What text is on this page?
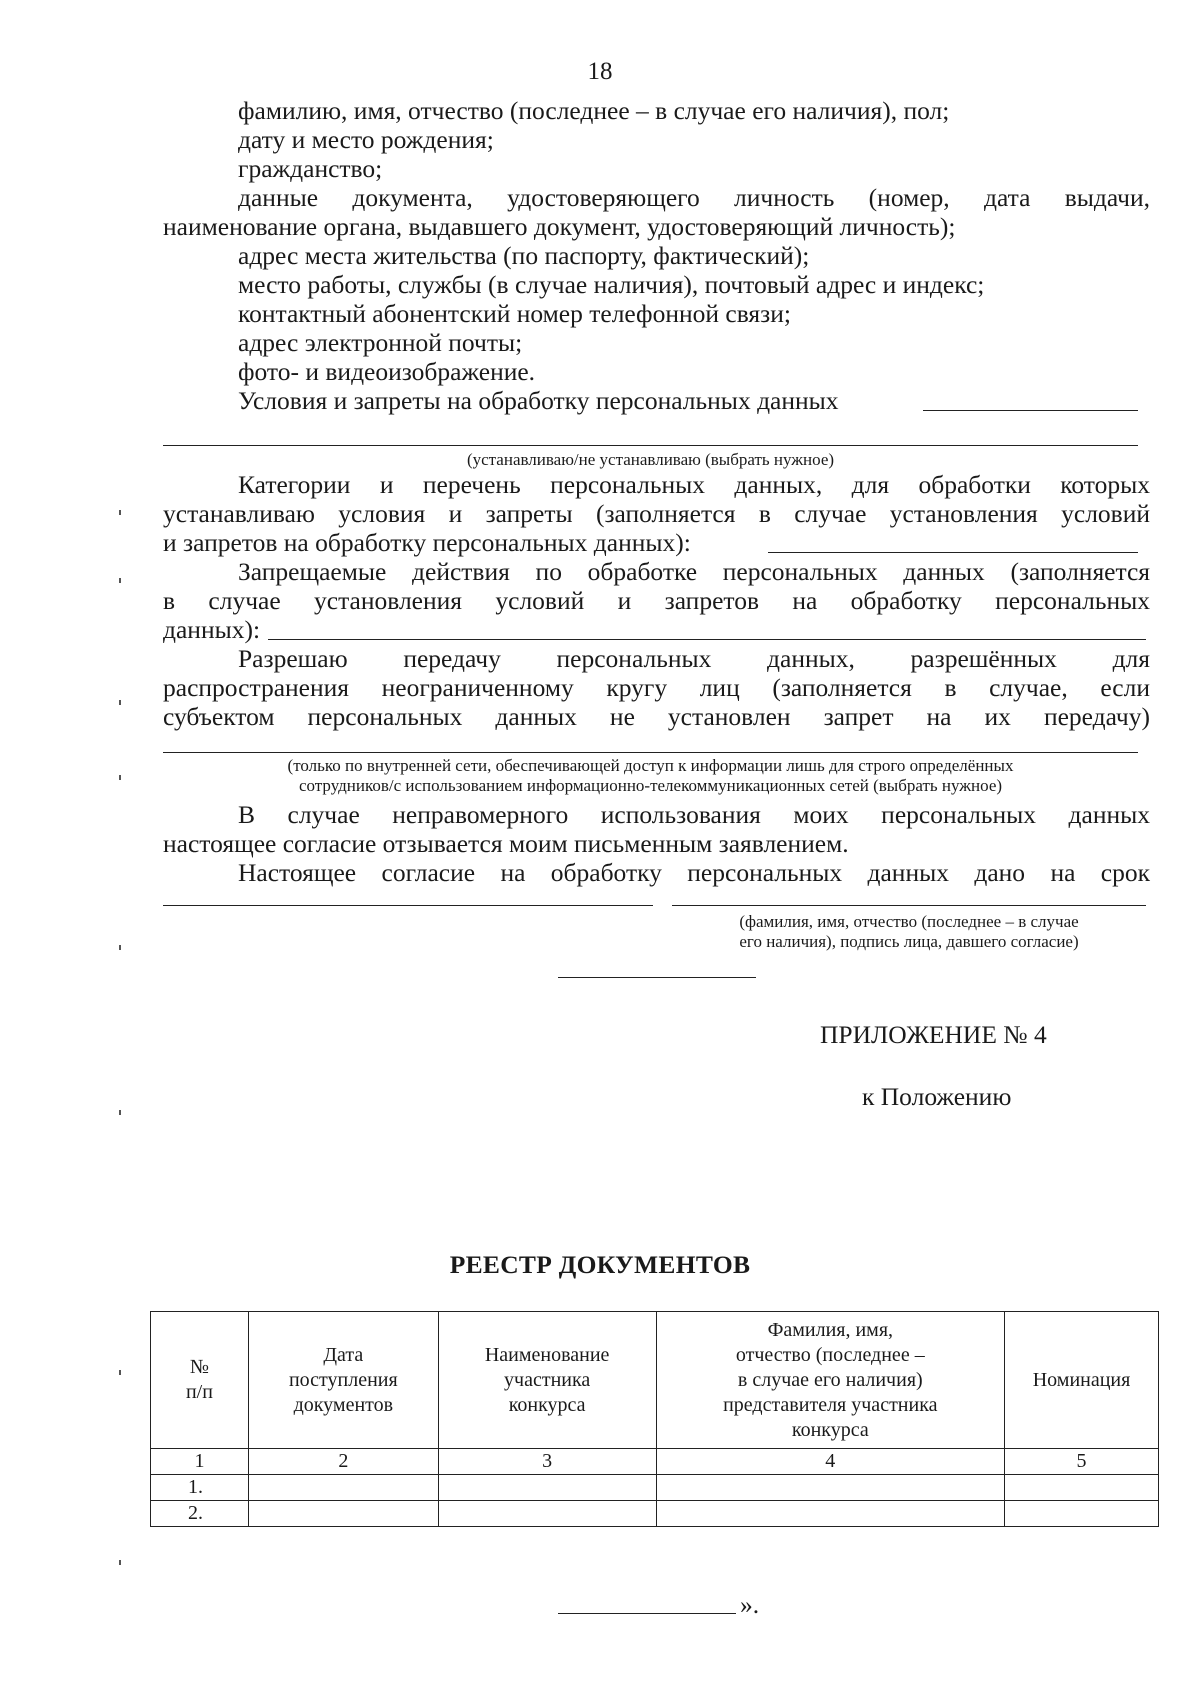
18
фамилию, имя, отчество (последнее – в случае его наличия), пол;
дату и место рождения;
гражданство;
данные документа, удостоверяющего личность (номер, дата выдачи,
наименование органа, выдавшего документ, удостоверяющий личность);
адрес места жительства (по паспорту, фактический);
место работы, службы (в случае наличия), почтовый адрес и индекс;
контактный абонентский номер телефонной связи;
адрес электронной почты;
фото- и видеоизображение.
Условия и запреты на обработку персональных данных
(устанавливаю/не устанавливаю (выбрать нужное)
Категории и перечень персональных данных, для обработки которых
устанавливаю условия и запреты (заполняется в случае установления условий
и запретов на обработку персональных данных):
Запрещаемые действия по обработке персональных данных (заполняется
в случае установления условий и запретов на обработку персональных
данных):
Разрешаю передачу персональных данных, разрешённых для
распространения неограниченному кругу лиц (заполняется в случае, если
субъектом персональных данных не установлен запрет на их передачу)
(только по внутренней сети, обеспечивающей доступ к информации лишь для строго определённых
сотрудников/с использованием информационно-телекоммуникационных сетей (выбрать нужное)
В случае неправомерного использования моих персональных данных
настоящее согласие отзывается моим письменным заявлением.
Настоящее согласие на обработку персональных данных дано на срок
(фамилия, имя, отчество (последнее – в случае
его наличия), подпись лица, давшего согласие)
ПРИЛОЖЕНИЕ № 4
к Положению
РЕЕСТР ДОКУМЕНТОВ
№
п/п	Дата
поступления
документов	Наименование
участника
конкурса	Фамилия, имя,
отчество (последнее –
в случае его наличия)
представителя участника
конкурса	Номинация
1	2	3	4	5
1.				
2.				
».
